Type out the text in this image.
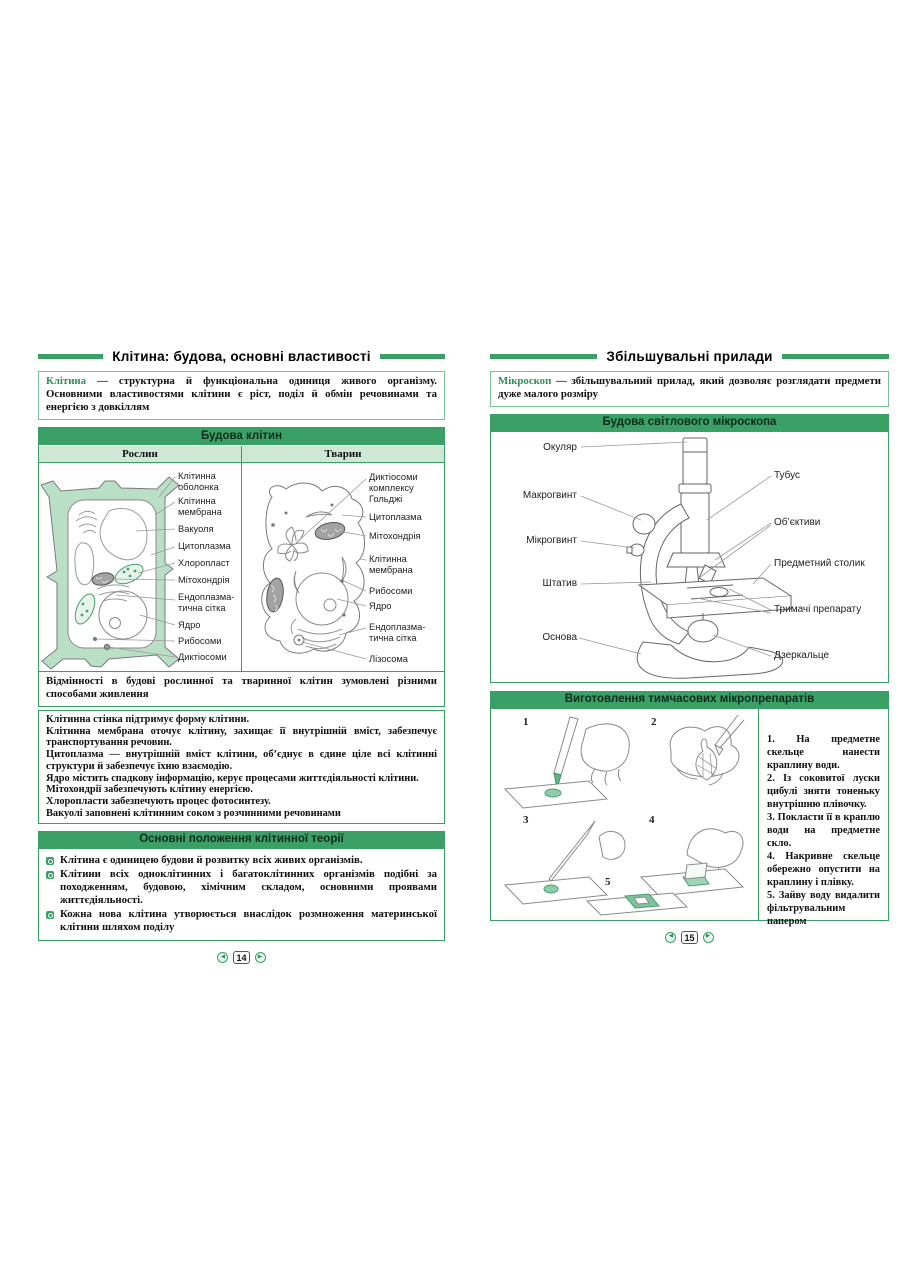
Клітина: будова, основні властивості
Клітина — структурна й функціональна одиниця живого організму. Основними властивостями клітини є ріст, поділ й обмін речовинами та енергією з довкіллям
Будова клітин
Рослин	Тварин
Клітинна оболонка
Клітинна мембрана
Вакуоля
Цитоплазма
Хлоропласт
Мітохондрія
Ендоплазма-тична сітка
Ядро
Рибосоми
Диктіосоми
Диктіосоми комплексу Гольджі
Цитоплазма
Мітохондрія
Клітинна мембрана
Рибосоми
Ядро
Ендоплазма-тична сітка
Лізосома
Відмінності в будові рослинної та тваринної клітин зумовлені різними способами живлення

Клітинна стінка підтримує форму клітини.

Клітинна мембрана оточує клітину, захищає її внутрішній вміст, забезпечує транспортування речовин.

Цитоплазма — внутрішній вміст клітини, об’єднує в єдине ціле всі клітинні структури й забезпечує їхню взаємодію.

Ядро містить спадкову інформацію, керує процесами життєдіяльності клітини.

Мітохондрії забезпечують клітину енергією.

Хлоропласти забезпечують процес фотосинтезу.

Вакуолі заповнені клітинним соком з розчинними речовинами

Основні положення клітинної теорії
Клітина є одиницею будови й розвитку всіх живих організмів.
Клітини всіх одноклітинних і багатоклітинних організмів подібні за походженням, будовою, хімічним складом, основними проявами життєдіяльності.
Кожна нова клітина утворюється внаслідок розмноження материнської клітини шляхом поділу
◀	14	▶
Збільшувальні прилади
Мікроскоп — збільшувальний прилад, який дозволяє розглядати предмети дуже малого розміру
Будова світлового мікроскопа
Окуляр
Макрогвинт
Мікрогвинт
Штатив
Основа
Тубус
Об’єктиви
Предметний столик
Тримачі препарату
Дзеркальце
Виготовлення тимчасових мікропрепаратів
1	2
3	4
5

1. На предметне скельце нанести краплину води.

2. Із соковитої луски цибулі зняти тоненьку внутрішню плівочку.

3. Покласти її в краплю води на предметне скло.

4. Накривне скельце обережно опустити на краплину і плівку.

5. Зайву воду видалити фільтрувальним папером

◀	15	▶
